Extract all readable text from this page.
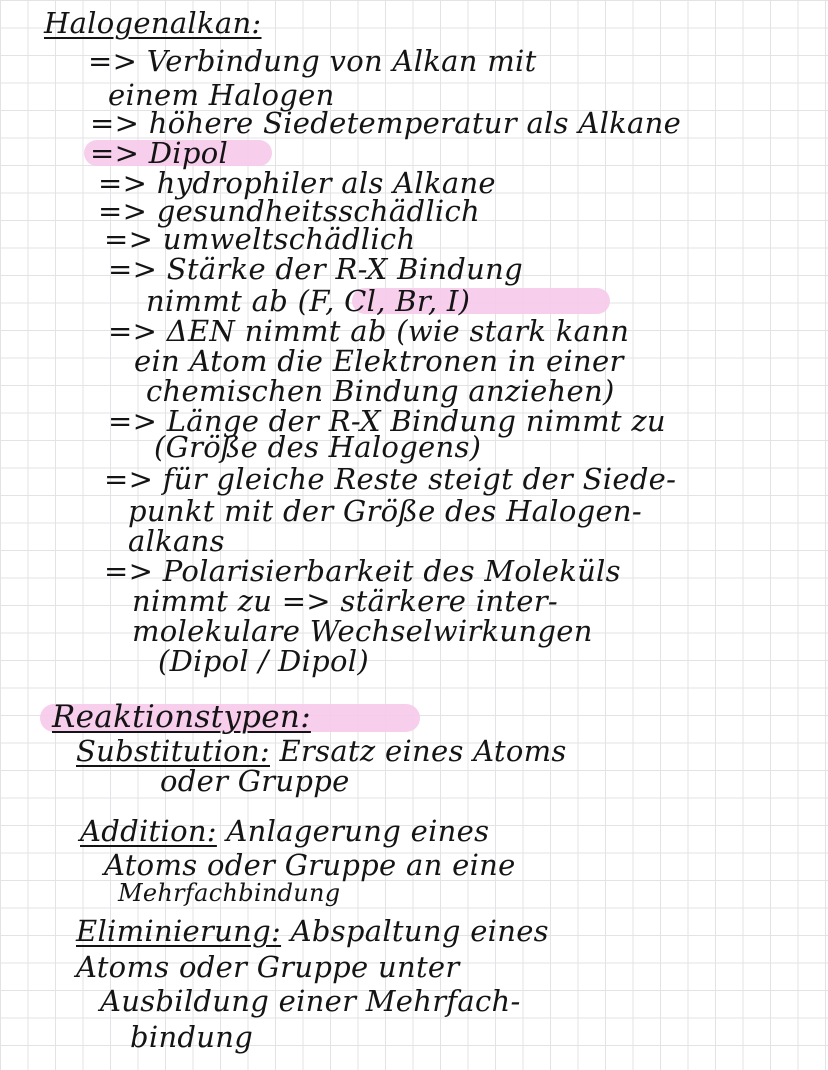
Halogenalkan:
=> Verbindung von Alkan mit
einem Halogen
=> höhere Siedetemperatur als Alkane
=> Dipol
=> hydrophiler als Alkane
=> gesundheitsschädlich
=> umweltschädlich
=> Stärke der R-X Bindung
nimmt ab (F, Cl, Br, I)
=> ΔEN nimmt ab (wie stark kann
ein Atom die Elektronen in einer
chemischen Bindung anziehen)
=> Länge der R-X Bindung nimmt zu
(Größe des Halogens)
=> für gleiche Reste steigt der Siede-
punkt mit der Größe des Halogen-
alkans
=> Polarisierbarkeit des Moleküls
nimmt zu => stärkere inter-
molekulare Wechselwirkungen
(Dipol / Dipol)
Reaktionstypen:
Substitution: Ersatz eines Atoms
oder Gruppe
Addition: Anlagerung eines
Atoms oder Gruppe an eine
Mehrfachbindung
Eliminierung: Abspaltung eines
Atoms oder Gruppe unter
Ausbildung einer Mehrfach-
bindung
